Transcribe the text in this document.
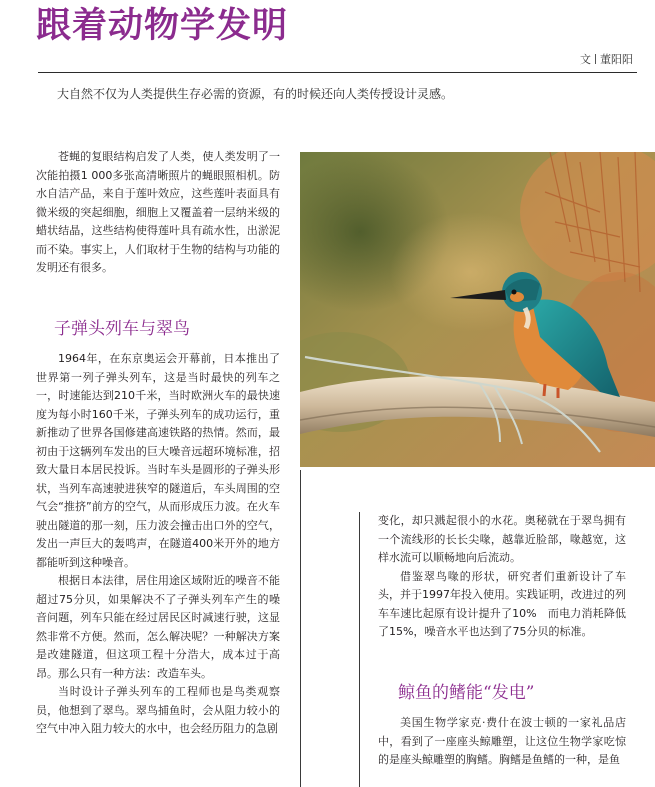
跟着动物学发明
文 董阳阳

大自然不仅为人类提供生存必需的资源，有的时候还向人类传授设计灵感。

苍蝇的复眼结构启发了人类，使人类发明了一次能拍摄1 000多张高清晰照片的蝇眼照相机。防水自洁产品，来自于莲叶效应，这些莲叶表面具有微米级的突起细胞，细胞上又覆盖着一层纳米级的蜡状结晶，这些结构使得莲叶具有疏水性，出淤泥而不染。事实上，人们取材于生物的结构与功能的发明还有很多。

子弹头列车与翠鸟

1964年，在东京奥运会开幕前，日本推出了世界第一列子弹头列车，这是当时最快的列车之一，时速能达到210千米，当时欧洲火车的最快速度为每小时160千米，子弹头列车的成功运行，重新推动了世界各国修建高速铁路的热情。然而，最初由于这辆列车发出的巨大噪音远超环境标准，招致大量日本居民投诉。当时车头是圆形的子弹头形状，当列车高速驶进狭窄的隧道后，车头周围的空气会“推挤”前方的空气，从而形成压力波。在火车驶出隧道的那一刻，压力波会撞击出口外的空气，发出一声巨大的轰鸣声，在隧道400米开外的地方都能听到这种噪音。

根据日本法律，居住用途区域附近的噪音不能超过75分贝，如果解决不了子弹头列车产生的噪音问题，列车只能在经过居民区时减速行驶，这显然非常不方便。然而，怎么解决呢？一种解决方案是改建隧道，但这项工程十分浩大，成本过于高昂。那么只有一种方法：改造车头。

当时设计子弹头列车的工程师也是鸟类观察员，他想到了翠鸟。翠鸟捕鱼时，会从阻力较小的空气中冲入阻力较大的水中，也会经历阻力的急剧

变化，却只溅起很小的水花。奥秘就在于翠鸟拥有一个流线形的长长尖喙，越靠近脸部，喙越宽，这样水流可以顺畅地向后流动。

借鉴翠鸟喙的形状，研究者们重新设计了车头，并于1997年投入使用。实践证明，改进过的列车车速比起原有设计提升了10%　而电力消耗降低了15%，噪音水平也达到了75分贝的标准。

鲸鱼的鳍能“发电”

美国生物学家克·费什在波士顿的一家礼品店中，看到了一座座头鲸雕塑，让这位生物学家吃惊的是座头鲸雕塑的胸鳍。胸鳍是鱼鳍的一种，是鱼
